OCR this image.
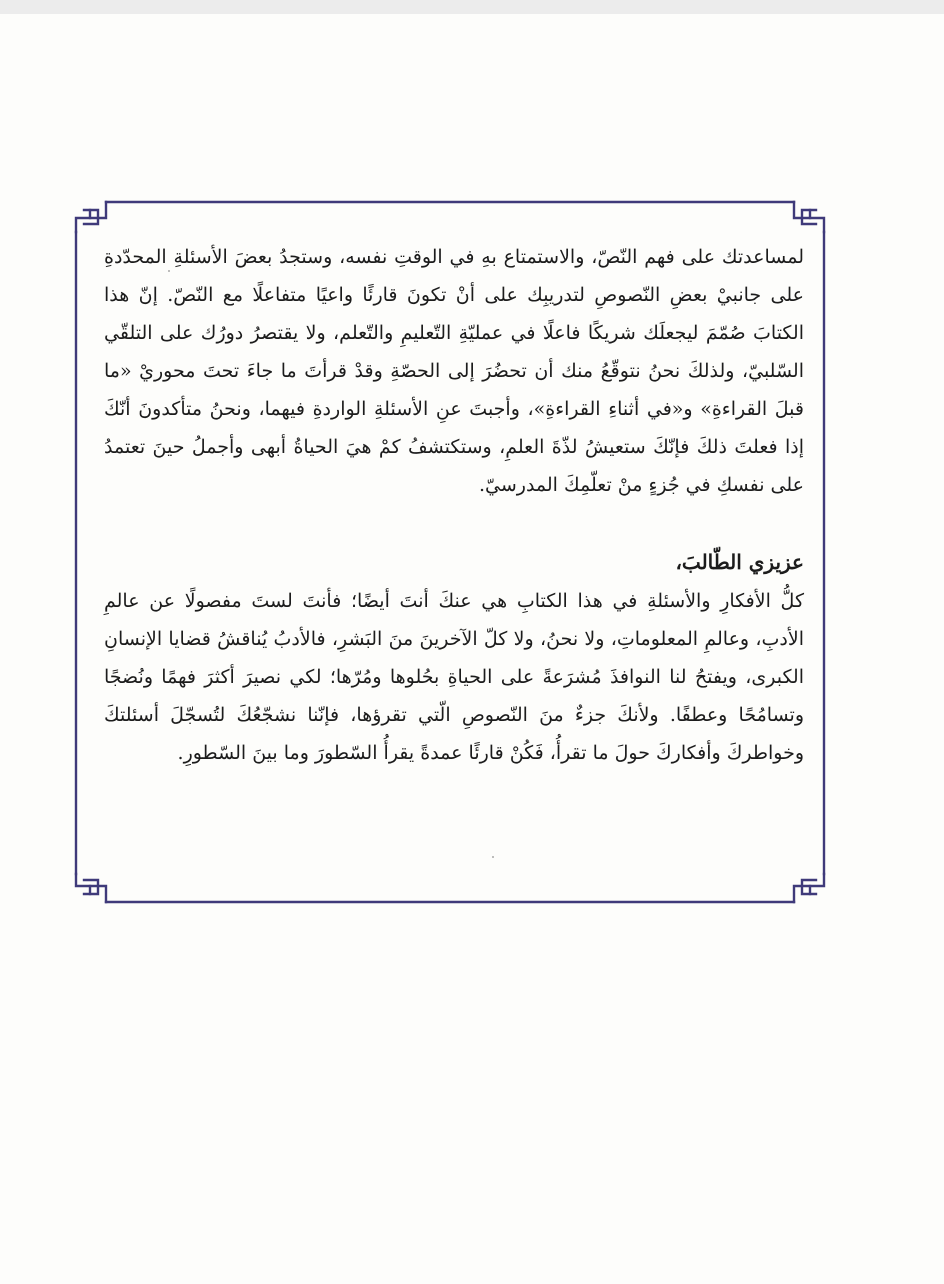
لمساعدتك على فهم النّصّ، والاستمتاع بهِ في الوقتِ نفسه، وستجدُ بعضَ الأسئلةِ المحدّدةِ على جانبيْ بعضِ النّصوصِ لتدريبِك على أنْ تكونَ قارئًا واعيًا متفاعلًا مع النّصّ. إنّ هذا الكتابَ صُمّمَ ليجعلَك شريكًا فاعلًا في عمليّةِ التّعليمِ والتّعلم، ولا يقتصرُ دورُك على التلقّي السّلبيّ، ولذلكَ نحنُ نتوقّعُ منك أن تحضُرَ إلى الحصّةِ وقدْ قرأتَ ما جاءَ تحتَ محوريْ «ما قبلَ القراءةِ» و«في أثناءِ القراءةِ»، وأجبتَ عنِ الأسئلةِ الواردةِ فيهما، ونحنُ متأكدونَ أنّكَ إذا فعلتَ ذلكَ فإنّكَ ستعيشُ لذّةَ العلمِ، وستكتشفُ كمْ هيَ الحياةُ أبهى وأجملُ حينَ تعتمدُ على نفسكِ في جُزءٍ منْ تعلّمِكَ المدرسيّ.

عزيزي الطّالبَ،

كلُّ الأفكارِ والأسئلةِ في هذا الكتابِ هي عنكَ أنتَ أيضًا؛ فأنتَ لستَ مفصولًا عن عالمِ الأدبِ، وعالمِ المعلوماتِ، ولا نحنُ، ولا كلّ الآخرينَ منَ البَشرِ، فالأدبُ يُناقشُ قضايا الإنسانِ الكبرى، ويفتحُ لنا النوافذَ مُشرَعةً على الحياةِ بحُلوها ومُرّها؛ لكي نصيرَ أكثرَ فهمًا ونُضجًا وتسامُحًا وعطفًا. ولأنكَ جزءٌ منَ النّصوصِ الّتي تقرؤها، فإنّنا نشجّعُكَ لتُسجّلَ أسئلتكَ وخواطركَ وأفكاركَ حولَ ما تقرأُ، فَكُنْ قارئًا عمدةً يقرأُ السّطورَ وما بينَ السّطورِ.
